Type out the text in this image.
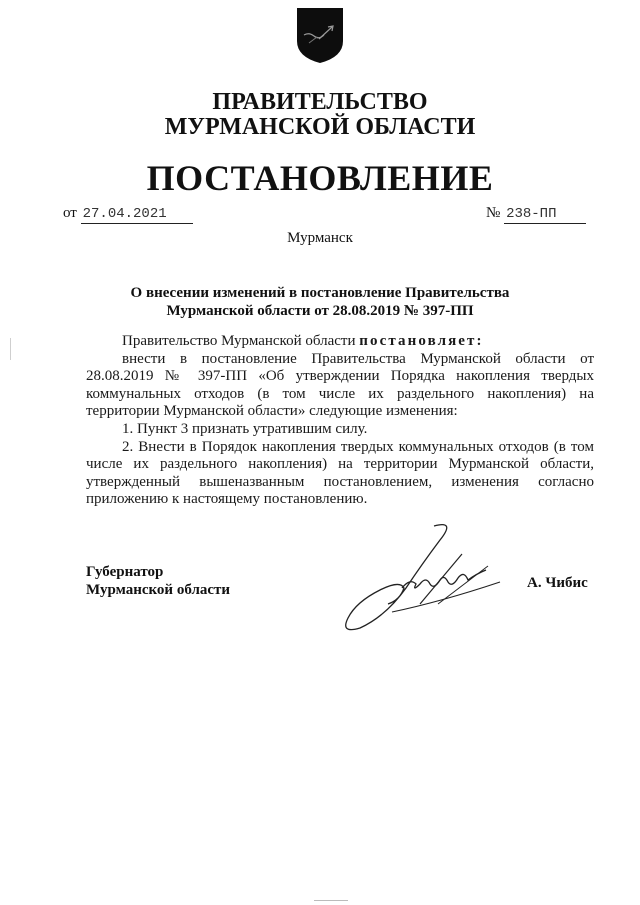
ПРАВИТЕЛЬСТВО
МУРМАНСКОЙ ОБЛАСТИ
ПОСТАНОВЛЕНИЕ
от 27.04.2021	№ 238-ПП
Мурманск
О внесении изменений в постановление Правительства
Мурманской области от 28.08.2019 № 397-ПП

Правительство Мурманской области постановляет:

внести в постановление Правительства Мурманской области от 28.08.2019 № 397-ПП «Об утверждении Порядка накопления твердых коммунальных отходов (в том числе их раздельного накопления) на территории Мурманской области» следующие изменения:

1. Пункт 3 признать утратившим силу.

2. Внести в Порядок накопления твердых коммунальных отходов (в том числе их раздельного накопления) на территории Мурманской области, утвержденный вышеназванным постановлением, изменения согласно приложению к настоящему постановлению.

Губернатор
Мурманской области	А. Чибис
